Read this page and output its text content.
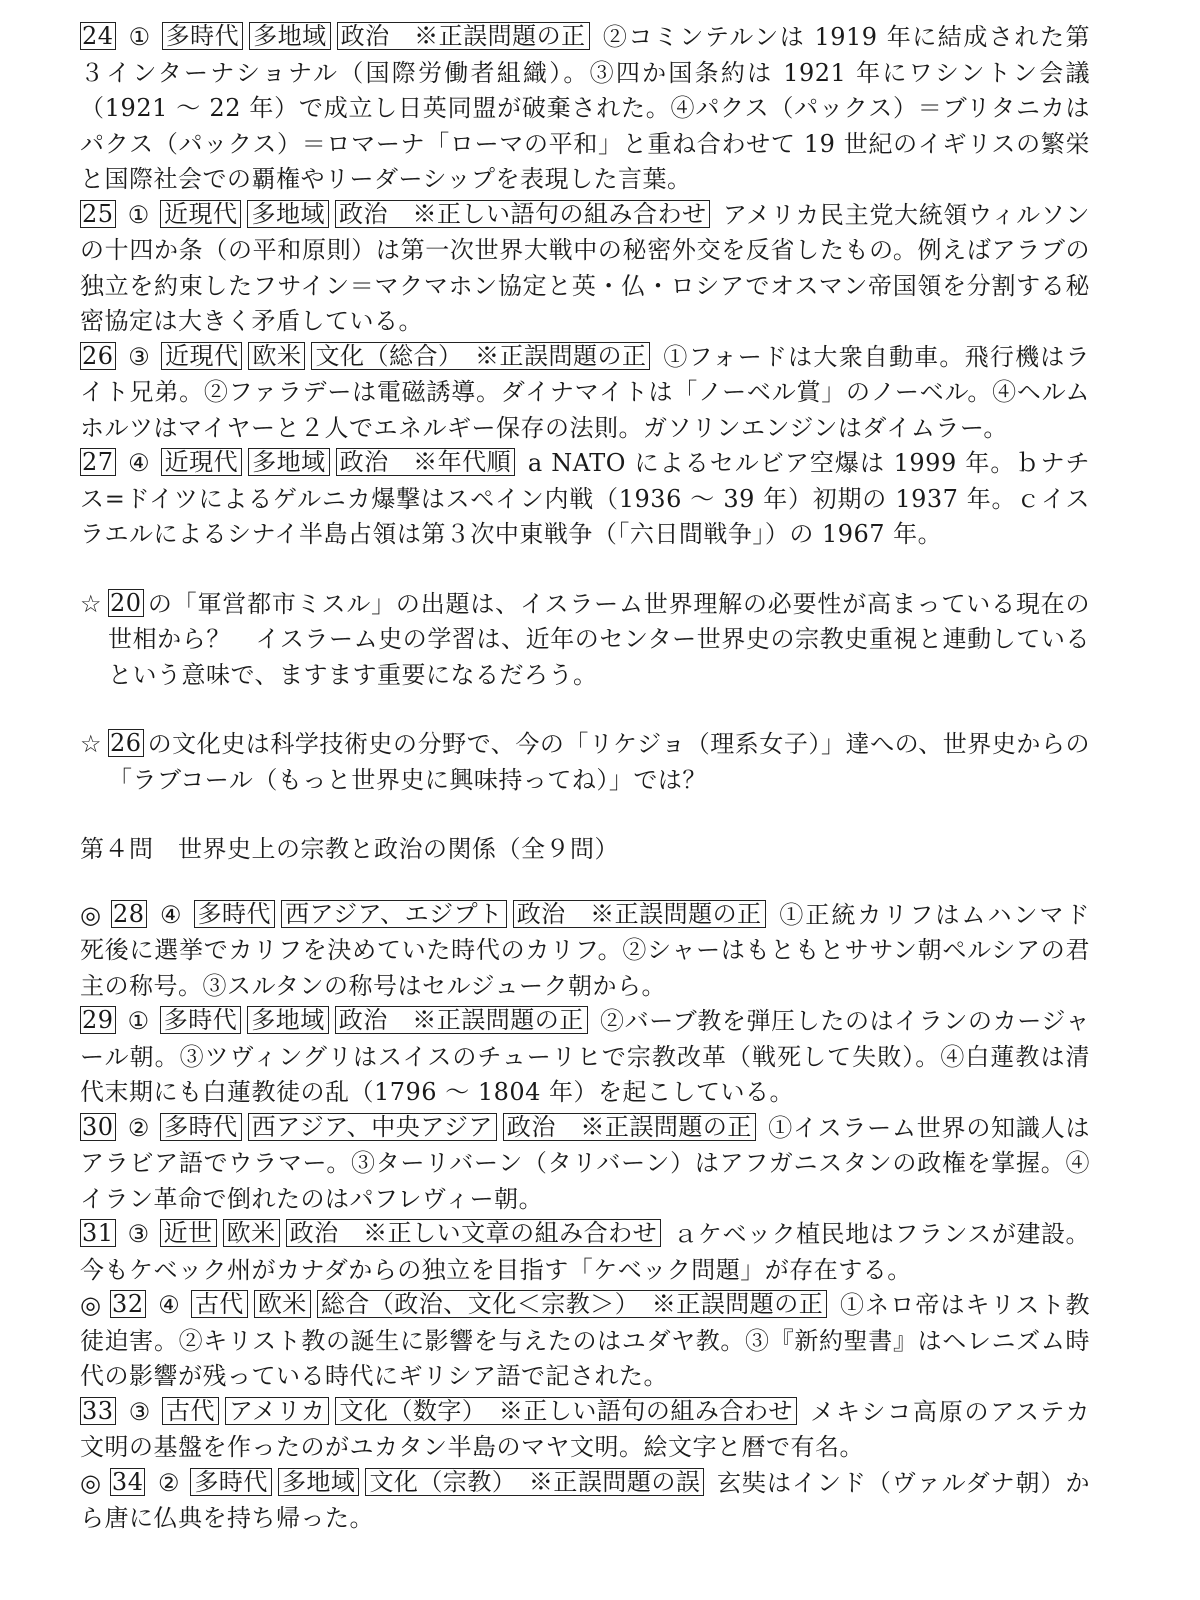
24 ① 多時代 多地域 政治　※正誤問題の正 ②コミンテルンは 1919 年に結成された第３インターナショナル（国際労働者組織）。③四か国条約は 1921 年にワシントン会議（1921 〜 22 年）で成立し日英同盟が破棄された。④パクス（パックス）＝ブリタニカはパクス（パックス）＝ロマーナ「ローマの平和」と重ね合わせて 19 世紀のイギリスの繁栄と国際社会での覇権やリーダーシップを表現した言葉。

25 ① 近現代 多地域 政治　※正しい語句の組み合わせ アメリカ民主党大統領ウィルソンの十四か条（の平和原則）は第一次世界大戦中の秘密外交を反省したもの。例えばアラブの独立を約束したフサイン＝マクマホン協定と英・仏・ロシアでオスマン帝国領を分割する秘密協定は大きく矛盾している。

26 ③ 近現代 欧米 文化（総合）　※正誤問題の正 ①フォードは大衆自動車。飛行機はライト兄弟。②ファラデーは電磁誘導。ダイナマイトは「ノーベル賞」のノーベル。④ヘルムホルツはマイヤーと２人でエネルギー保存の法則。ガソリンエンジンはダイムラー。

27 ④ 近現代 多地域 政治　※年代順 a NATO によるセルビア空爆は 1999 年。ｂナチス=ドイツによるゲルニカ爆撃はスペイン内戦（1936 〜 39 年）初期の 1937 年。ｃイスラエルによるシナイ半島占領は第３次中東戦争（「六日間戦争」）の 1967 年。

☆ 20 の「軍営都市ミスル」の出題は、イスラーム世界理解の必要性が高まっている現在の世相から？　イスラーム史の学習は、近年のセンター世界史の宗教史重視と連動しているという意味で、ますます重要になるだろう。

☆ 26 の文化史は科学技術史の分野で、今の「リケジョ（理系女子）」達への、世界史からの「ラブコール（もっと世界史に興味持ってね）」では？

第４問　世界史上の宗教と政治の関係（全９問）

◎ 28 ④ 多時代 西アジア、エジプト 政治　※正誤問題の正 ①正統カリフはムハンマド死後に選挙でカリフを決めていた時代のカリフ。②シャーはもともとササン朝ペルシアの君主の称号。③スルタンの称号はセルジューク朝から。

29 ① 多時代 多地域 政治　※正誤問題の正 ②バーブ教を弾圧したのはイランのカージャール朝。③ツヴィングリはスイスのチューリヒで宗教改革（戦死して失敗）。④白蓮教は清代末期にも白蓮教徒の乱（1796 〜 1804 年）を起こしている。

30 ② 多時代 西アジア、中央アジア 政治　※正誤問題の正 ①イスラーム世界の知識人はアラビア語でウラマー。③ターリバーン（タリバーン）はアフガニスタンの政権を掌握。④イラン革命で倒れたのはパフレヴィー朝。

31 ③ 近世 欧米 政治　※正しい文章の組み合わせ ａケベック植民地はフランスが建設。今もケベック州がカナダからの独立を目指す「ケベック問題」が存在する。

◎ 32 ④ 古代 欧米 総合（政治、文化＜宗教＞）　※正誤問題の正 ①ネロ帝はキリスト教徒迫害。②キリスト教の誕生に影響を与えたのはユダヤ教。③『新約聖書』はヘレニズム時代の影響が残っている時代にギリシア語で記された。

33 ③ 古代 アメリカ 文化（数字）　※正しい語句の組み合わせ メキシコ高原のアステカ文明の基盤を作ったのがユカタン半島のマヤ文明。絵文字と暦で有名。

◎ 34 ② 多時代 多地域 文化（宗教）　※正誤問題の誤 玄奘はインド（ヴァルダナ朝）から唐に仏典を持ち帰った。
